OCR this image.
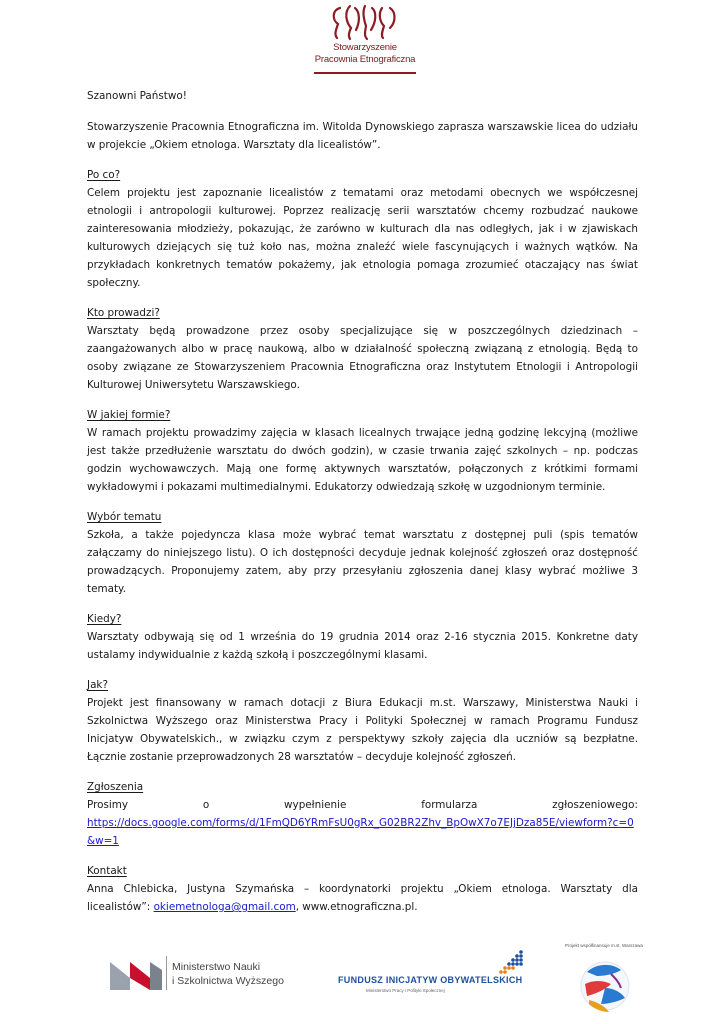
Stowarzyszenie
Pracownia Etnograficzna

Szanowni Państwo!

Stowarzyszenie Pracownia Etnograficzna im. Witolda Dynowskiego zaprasza warszawskie licea do udziału w projekcie „Okiem etnologa. Warsztaty dla licealistów”.

Po co?

Celem projektu jest zapoznanie licealistów z tematami oraz metodami obecnych we współczesnej etnologii i antropologii kulturowej. Poprzez realizację serii warsztatów chcemy rozbudzać naukowe zainteresowania młodzieży, pokazując, że zarówno w kulturach dla nas odległych, jak i w zjawiskach kulturowych dziejących się tuż koło nas, można znaleźć wiele fascynujących i ważnych wątków. Na przykładach konkretnych tematów pokażemy, jak etnologia pomaga zrozumieć otaczający nas świat społeczny.

Kto prowadzi?

Warsztaty będą prowadzone przez osoby specjalizujące się w poszczególnych dziedzinach – zaangażowanych albo w pracę naukową, albo w działalność społeczną związaną z etnologią. Będą to osoby związane ze Stowarzyszeniem Pracownia Etnograficzna oraz Instytutem Etnologii i Antropologii Kulturowej Uniwersytetu Warszawskiego.

W jakiej formie?

W ramach projektu prowadzimy zajęcia w klasach licealnych trwające jedną godzinę lekcyjną (możliwe jest także przedłużenie warsztatu do dwóch godzin), w czasie trwania zajęć szkolnych – np. podczas godzin wychowawczych. Mają one formę aktywnych warsztatów, połączonych z krótkimi formami wykładowymi i pokazami multimedialnymi. Edukatorzy odwiedzają szkołę w uzgodnionym terminie.

Wybór tematu

Szkoła, a także pojedyncza klasa może wybrać temat warsztatu z dostępnej puli (spis tematów załączamy do niniejszego listu). O ich dostępności decyduje jednak kolejność zgłoszeń oraz dostępność prowadzących. Proponujemy zatem, aby przy przesyłaniu zgłoszenia danej klasy wybrać możliwe 3 tematy.

Kiedy?

Warsztaty odbywają się od 1 września do 19 grudnia 2014 oraz 2-16 stycznia 2015. Konkretne daty ustalamy indywidualnie z każdą szkołą i poszczególnymi klasami.

Jak?

Projekt jest finansowany w ramach dotacji z Biura Edukacji m.st. Warszawy, Ministerstwa Nauki i Szkolnictwa Wyższego oraz Ministerstwa Pracy i Polityki Społecznej w ramach Programu Fundusz Inicjatyw Obywatelskich., w związku czym z perspektywy szkoły zajęcia dla uczniów są bezpłatne. Łącznie zostanie przeprowadzonych 28 warsztatów – decyduje kolejność zgłoszeń.

Zgłoszenia
Prosimy	o	wypełnienie	formularza	zgłoszeniowego:

https://docs.google.com/forms/d/1FmQD6YRmFsU0gRx_G02BR2Zhv_BpOwX7o7EJjDza85E/viewform?c=0&w=1

Kontakt

Anna Chlebicka, Justyna Szymańska – koordynatorki projektu „Okiem etnologa. Warsztaty dla licealistów”: okiemetnologa@gmail.com, www.etnograficzna.pl.

Ministerstwo Nauki
i Szkolnictwa Wyższego	FUNDUSZ INICJATYW OBYWATELSKICH
Ministerstwo Pracy i Polityki Społecznej
Projekt współfinansuje m.st. Warszawa
